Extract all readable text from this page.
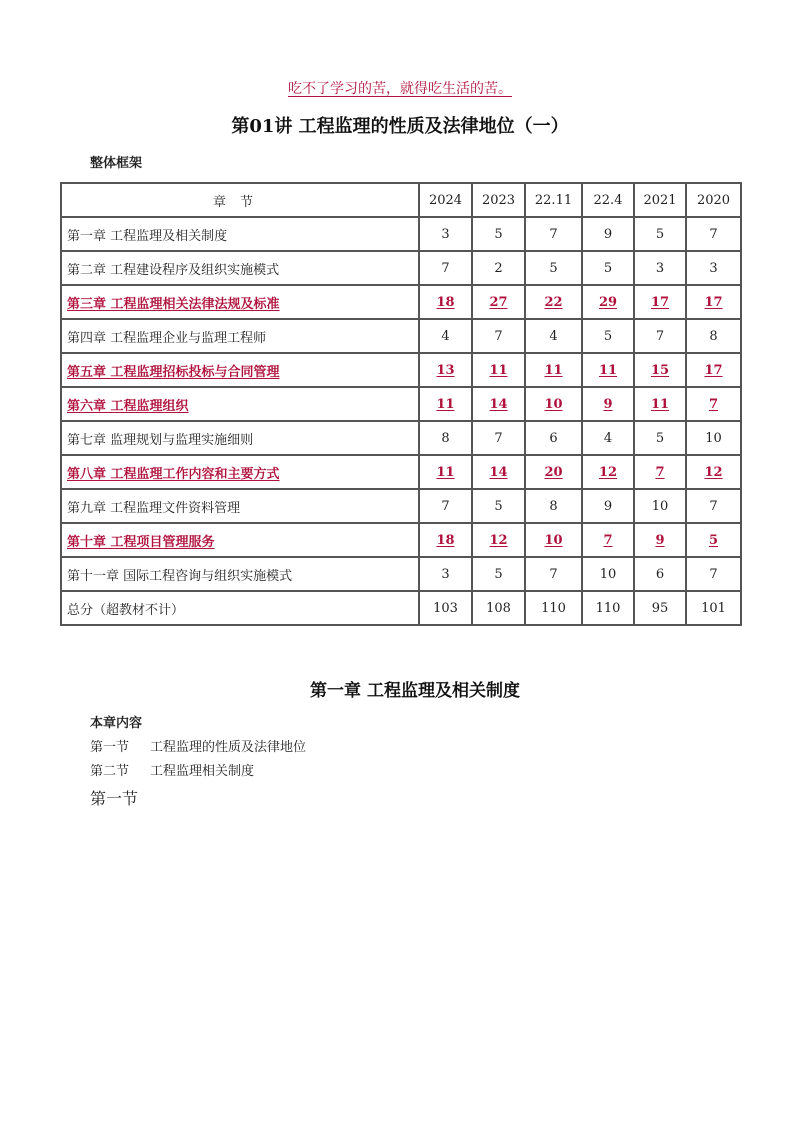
吃不了学习的苦，就得吃生活的苦。
第01讲 工程监理的性质及法律地位（一）
整体框架
章节	2024	2023	22.11	22.4	2021	2020
第一章 工程监理及相关制度	3	5	7	9	5	7
第二章 工程建设程序及组织实施模式	7	2	5	5	3	3
第三章 工程监理相关法律法规及标准	18	27	22	29	17	17
第四章 工程监理企业与监理工程师	4	7	4	5	7	8
第五章 工程监理招标投标与合同管理	13	11	11	11	15	17
第六章 工程监理组织	11	14	10	9	11	7
第七章 监理规划与监理实施细则	8	7	6	4	5	10
第八章 工程监理工作内容和主要方式	11	14	20	12	7	12
第九章 工程监理文件资料管理	7	5	8	9	10	7
第十章 工程项目管理服务	18	12	10	7	9	5
第十一章 国际工程咨询与组织实施模式	3	5	7	10	6	7
总分（超教材不计）	103	108	110	110	95	101
第一章 工程监理及相关制度
本章内容
第一节 工程监理的性质及法律地位
第二节 工程监理相关制度
第一节
